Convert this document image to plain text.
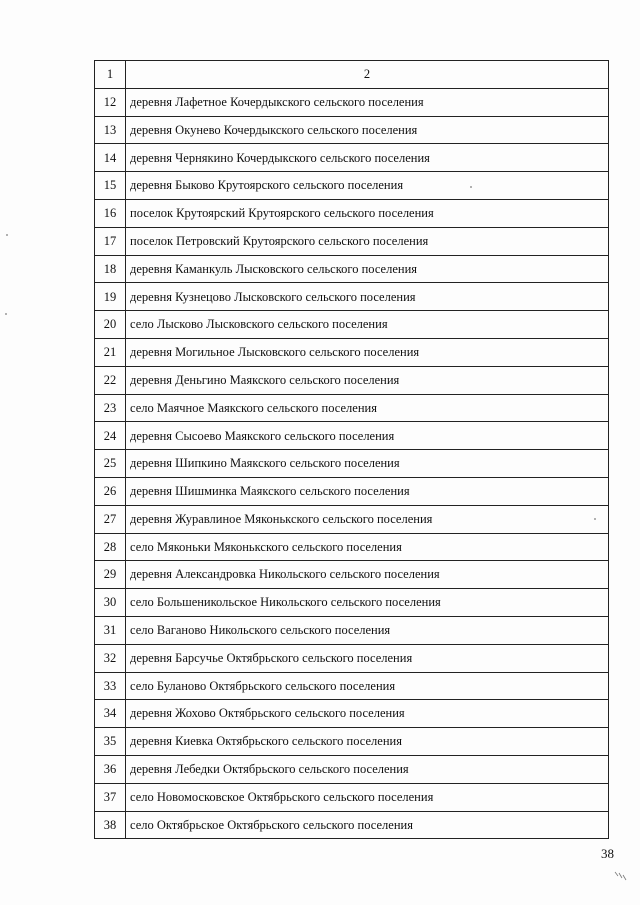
1	2
12	деревня Лафетное Кочердыкского сельского поселения
13	деревня Окунево Кочердыкского сельского поселения
14	деревня Чернякино Кочердыкского сельского поселения
15	деревня Быково Крутоярского сельского поселения
16	поселок Крутоярский Крутоярского сельского поселения
17	поселок Петровский Крутоярского сельского поселения
18	деревня Каманкуль Лысковского сельского поселения
19	деревня Кузнецово Лысковского сельского поселения
20	село Лысково Лысковского сельского поселения
21	деревня Могильное Лысковского сельского поселения
22	деревня Деньгино Маякского сельского поселения
23	село Маячное Маякского сельского поселения
24	деревня Сысоево Маякского сельского поселения
25	деревня Шипкино Маякского сельского поселения
26	деревня Шишминка Маякского сельского поселения
27	деревня Журавлиное Мяконькского сельского поселения
28	село Мяконьки Мяконькского сельского поселения
29	деревня Александровка Никольского сельского поселения
30	село Большеникольское Никольского сельского поселения
31	село Ваганово Никольского сельского поселения
32	деревня Барсучье Октябрьского сельского поселения
33	село Буланово Октябрьского сельского поселения
34	деревня Жохово Октябрьского сельского поселения
35	деревня Киевка Октябрьского сельского поселения
36	деревня Лебедки Октябрьского сельского поселения
37	село Новомосковское Октябрьского сельского поселения
38	село Октябрьское Октябрьского сельского поселения
38
